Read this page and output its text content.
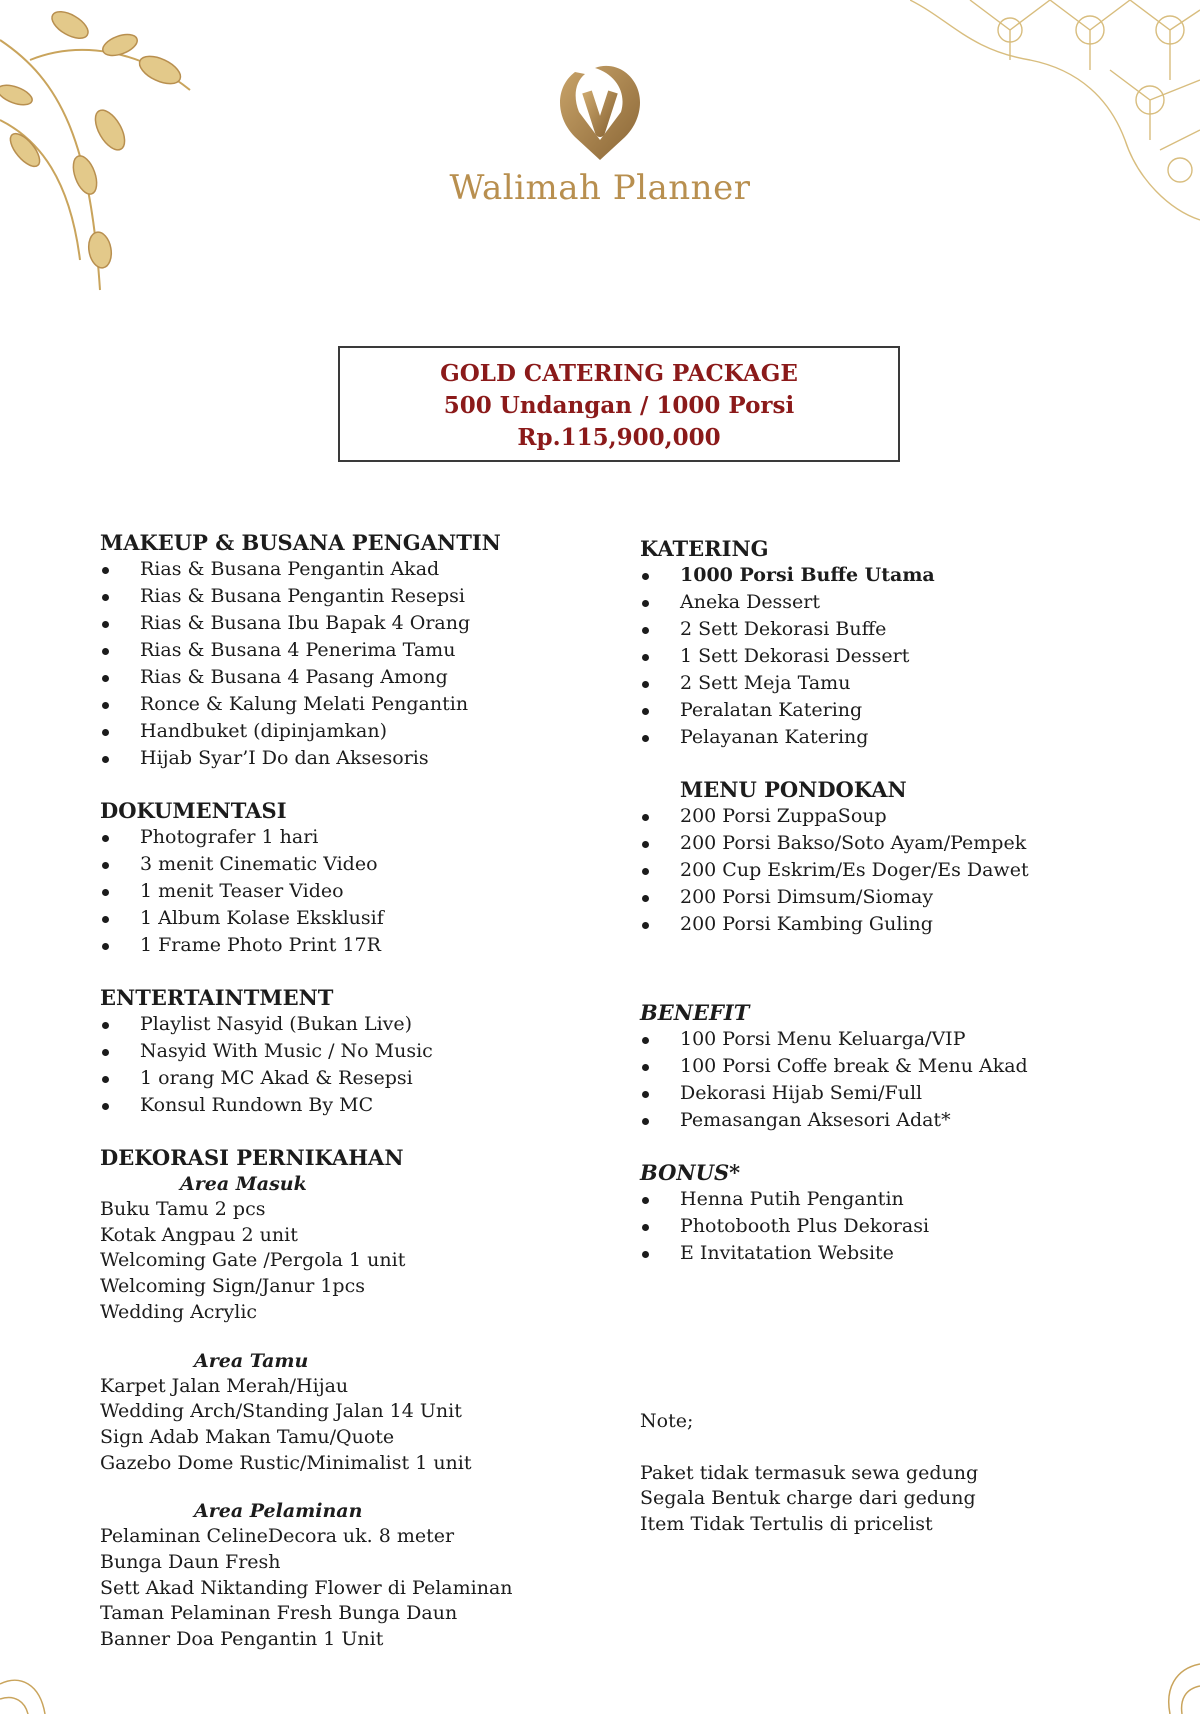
Walimah Planner
GOLD CATERING PACKAGE
500 Undangan / 1000 Porsi
Rp.115,900,000

MAKEUP & BUSANA PENGANTIN

Rias & Busana Pengantin Akad
Rias & Busana Pengantin Resepsi
Rias & Busana Ibu Bapak 4 Orang
Rias & Busana 4 Penerima Tamu
Rias & Busana 4 Pasang Among
Ronce & Kalung Melati Pengantin
Handbuket (dipinjamkan)
Hijab Syar’I Do dan Aksesoris

DOKUMENTASI

Photografer 1 hari
3 menit Cinematic Video
1 menit Teaser Video
1 Album Kolase Eksklusif
1 Frame Photo Print 17R

ENTERTAINTMENT

Playlist Nasyid (Bukan Live)
Nasyid With Music / No Music
1 orang MC Akad & Resepsi
Konsul Rundown By MC

DEKORASI PERNIKAHAN

Area Masuk

Buku Tamu 2 pcs

Kotak Angpau 2 unit

Welcoming Gate /Pergola 1 unit

Welcoming Sign/Janur 1pcs

Wedding Acrylic

Area Tamu

Karpet Jalan Merah/Hijau

Wedding Arch/Standing Jalan 14 Unit

Sign Adab Makan Tamu/Quote

Gazebo Dome Rustic/Minimalist 1 unit

Area Pelaminan

Pelaminan CelineDecora uk. 8 meter

Bunga Daun Fresh

Sett Akad Niktanding Flower di Pelaminan

Taman Pelaminan Fresh Bunga Daun

Banner Doa Pengantin 1 Unit

KATERING

1000 Porsi Buffe Utama
Aneka Dessert
2 Sett Dekorasi Buffe
1 Sett Dekorasi Dessert
2 Sett Meja Tamu
Peralatan Katering
Pelayanan Katering

MENU PONDOKAN

200 Porsi ZuppaSoup
200 Porsi Bakso/Soto Ayam/Pempek
200 Cup Eskrim/Es Doger/Es Dawet
200 Porsi Dimsum/Siomay
200 Porsi Kambing Guling

BENEFIT

100 Porsi Menu Keluarga/VIP
100 Porsi Coffe break & Menu Akad
Dekorasi Hijab Semi/Full
Pemasangan Aksesori Adat*

BONUS*

Henna Putih Pengantin
Photobooth Plus Dekorasi
E Invitatation Website

Note;

Paket tidak termasuk sewa gedung

Segala Bentuk charge dari gedung

Item Tidak Tertulis di pricelist
